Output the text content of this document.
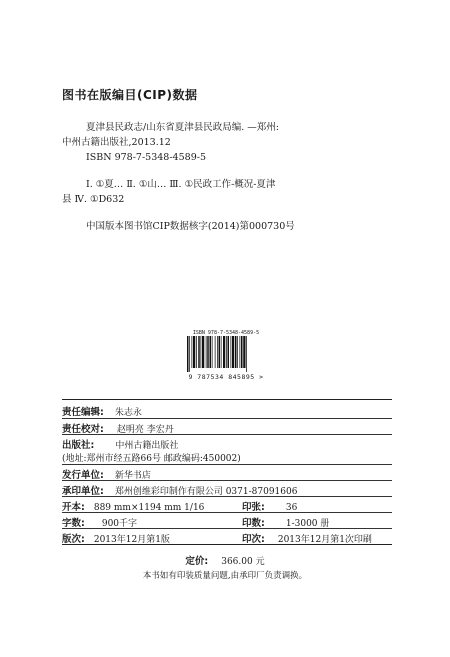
图书在版编目(CIP)数据
夏津县民政志/山东省夏津县民政局编. —郑州:
中州古籍出版社,2013.12
ISBN 978-7-5348-4589-5
Ⅰ. ①夏… Ⅱ. ①山… Ⅲ. ①民政工作-概况-夏津
县 Ⅳ. ①D632
中国版本图书馆CIP数据核字(2014)第000730号
ISBN 978-7-5348-4589-5
9 787534 845895 >
责任编辑: 朱志永
责任校对: 赵明亮 李宏丹
出版社: 中州古籍出版社
(地址:郑州市经五路66号 邮政编码:450002)
发行单位: 新华书店
承印单位: 郑州创维彩印制作有限公司 0371-87091606
开本: 889 mm×1194 mm 1/16	印张: 36
字数: 900千字	印数: 1-3000 册
版次: 2013年12月第1版	印次: 2013年12月第1次印刷
定价: 366.00 元
本书如有印装质量问题,由承印厂负责调换。
